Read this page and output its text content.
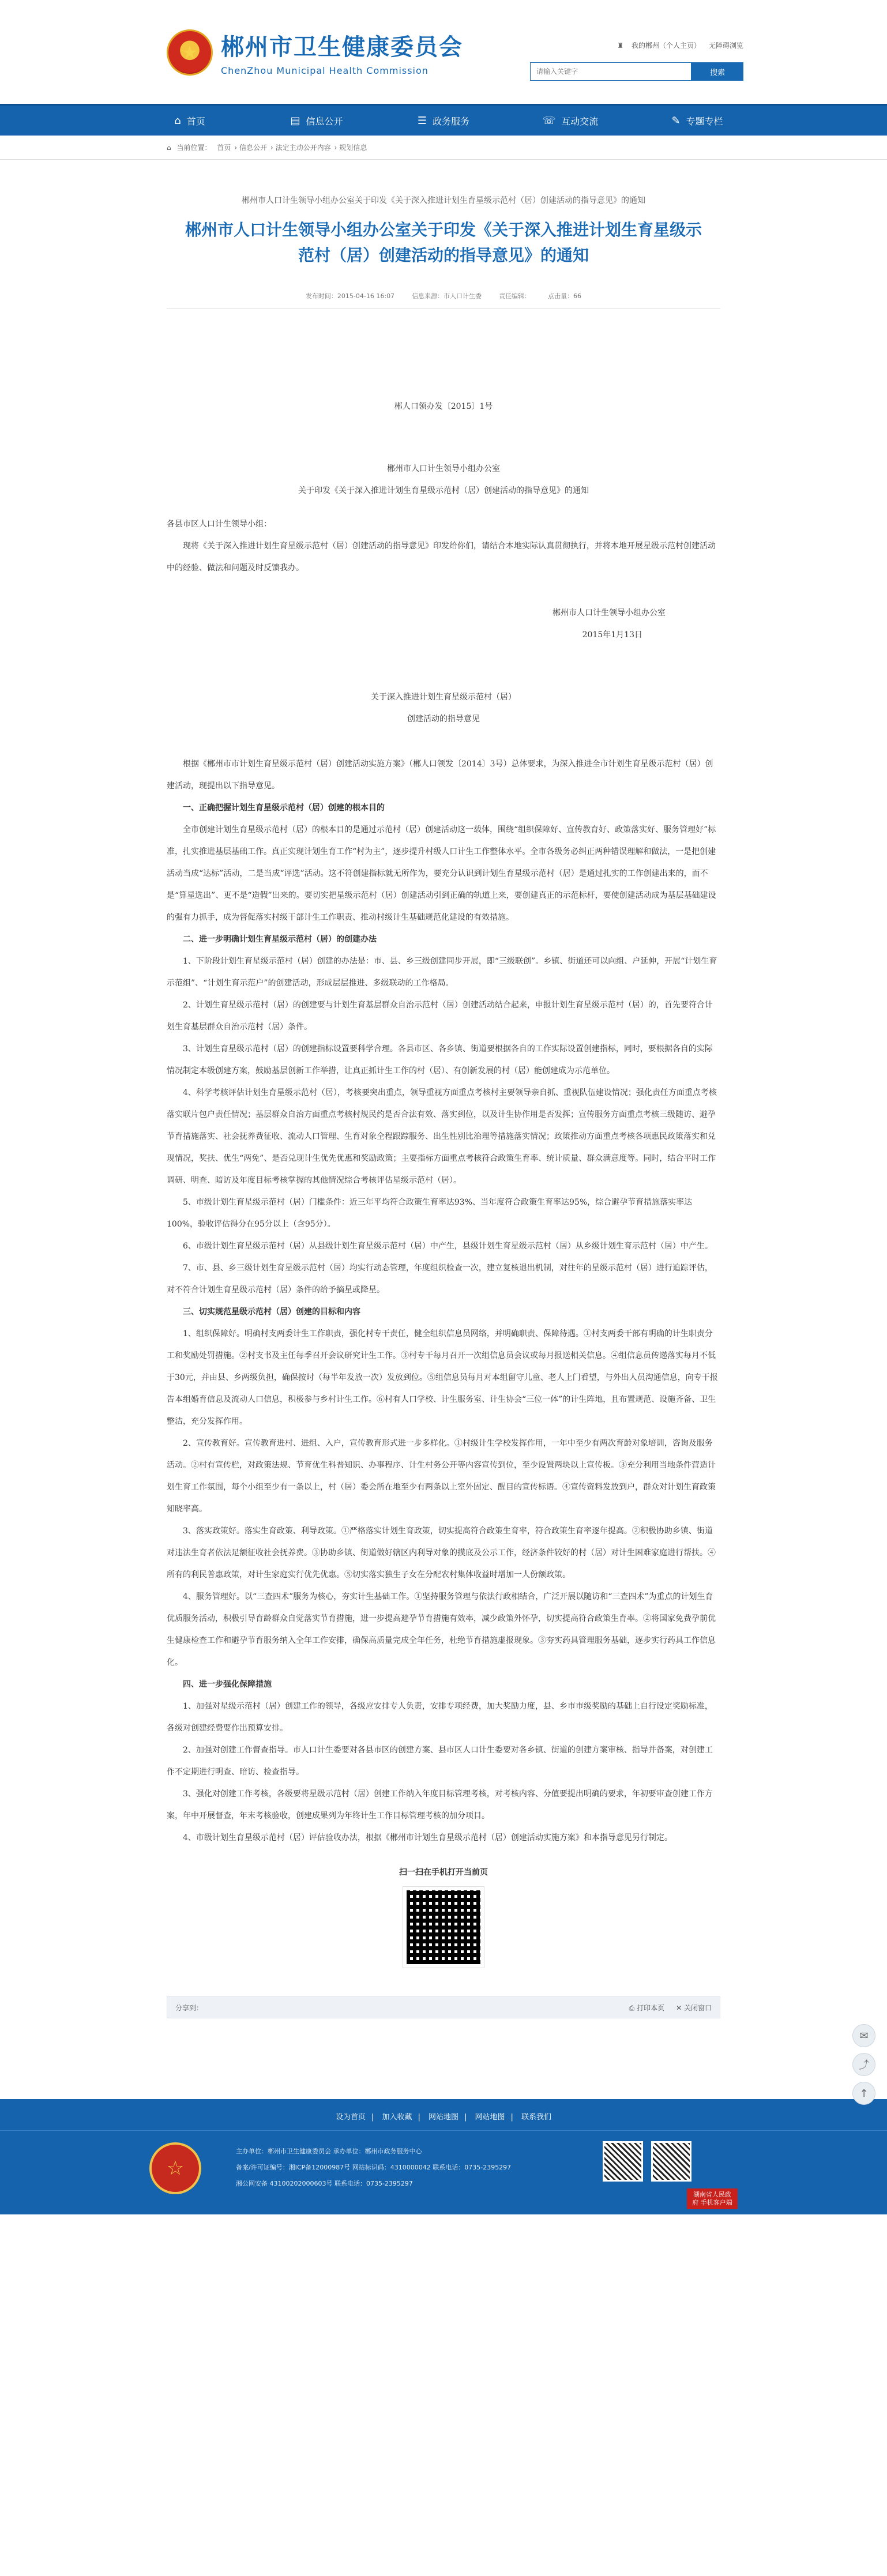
★	郴州市卫生健康委员会
ChenZhou Municipal Health Commission
♜ 我的郴州（个人主页） 无障碍浏览
请输入关键字
搜索
⌂ 首页	▤ 信息公开	☰ 政务服务	☏ 互动交流	✎ 专题专栏
⌂ 当前位置： 首页 › 信息公开 › 法定主动公开内容 › 规划信息
郴州市人口计生领导小组办公室关于印发《关于深入推进计划生育星级示范村（居）创建活动的指导意见》的通知
郴州市人口计生领导小组办公室关于印发《关于深入推进计划生育星级示范村（居）创建活动的指导意见》的通知
发布时间：2015-04-16 16:07	信息来源：市人口计生委	责任编辑：	点击量：66
郴人口领办发〔2015〕1号
郴州市人口计生领导小组办公室
关于印发《关于深入推进计划生育星级示范村（居）创建活动的指导意见》的通知
各县市区人口计生领导小组：
现将《关于深入推进计划生育星级示范村（居）创建活动的指导意见》印发给你们，请结合本地实际认真贯彻执行，并将本地开展星级示范村创建活动中的经验、做法和问题及时反馈我办。
郴州市人口计生领导小组办公室
2015年1月13日
关于深入推进计划生育星级示范村（居）
创建活动的指导意见
根据《郴州市市计划生育星级示范村（居）创建活动实施方案》（郴人口领发〔2014〕3号）总体要求，为深入推进全市计划生育星级示范村（居）创建活动，现提出以下指导意见。
一、正确把握计划生育星级示范村（居）创建的根本目的
全市创建计划生育星级示范村（居）的根本目的是通过示范村（居）创建活动这一载体，围绕“组织保障好、宣传教育好、政策落实好、服务管理好”标准，扎实推进基层基础工作。真正实现计划生育工作“村为主”，逐步提升村级人口计生工作整体水平。全市各级务必纠正两种错误理解和做法，一是把创建活动当成“达标”活动，二是当成“评选”活动。这不符创建指标就无所作为，要充分认识到计划生育星级示范村（居）是通过扎实的工作创建出来的，而不是“算星选出”、更不是“造假”出来的。要切实把星级示范村（居）创建活动引到正确的轨道上来，要创建真正的示范标杆，要使创建活动成为基层基础建设的强有力抓手，成为督促落实村级干部计生工作职责、推动村级计生基础规范化建设的有效措施。
二、进一步明确计划生育星级示范村（居）的创建办法
1、下阶段计划生育星级示范村（居）创建的办法是：市、县、乡三级创建同步开展，即“三级联创”。乡镇、街道还可以向组、户延伸，开展“计划生育示范组”、“计划生育示范户”的创建活动，形成层层推进、多级联动的工作格局。
2、计划生育星级示范村（居）的创建要与计划生育基层群众自治示范村（居）创建活动结合起来，申报计划生育星级示范村（居）的，首先要符合计划生育基层群众自治示范村（居）条件。
3、计划生育星级示范村（居）的创建指标设置要科学合理。各县市区、各乡镇、街道要根据各自的工作实际设置创建指标，同时，要根据各自的实际情况制定本级创建方案，鼓励基层创新工作举措，让真正抓计生工作的村（居）、有创新发展的村（居）能创建成为示范单位。
4、科学考核评估计划生育星级示范村（居），考核要突出重点，领导重视方面重点考核村主要领导亲自抓、重视队伍建设情况；强化责任方面重点考核落实联片包户责任情况；基层群众自治方面重点考核村规民约是否合法有效、落实到位，以及计生协作用是否发挥；宣传服务方面重点考核三级随访、避孕节育措施落实、社会抚养费征收、流动人口管理、生育对象全程跟踪服务、出生性别比治理等措施落实情况；政策推动方面重点考核各项惠民政策落实和兑现情况，奖扶、优生“两免”、是否兑现计生优先优惠和奖励政策；主要指标方面重点考核符合政策生育率、统计质量、群众满意度等。同时，结合平时工作调研、明查、暗访及年度目标考核掌握的其他情况综合考核评估星级示范村（居）。
5、市级计划生育星级示范村（居）门槛条件：近三年平均符合政策生育率达93%、当年度符合政策生育率达95%，综合避孕节育措施落实率达100%，验收评估得分在95分以上（含95分）。
6、市级计划生育星级示范村（居）从县级计划生育星级示范村（居）中产生，县级计划生育星级示范村（居）从乡级计划生育示范村（居）中产生。
7、市、县、乡三级计划生育星级示范村（居）均实行动态管理，年度组织检查一次，建立复核退出机制，对往年的星级示范村（居）进行追踪评估，对不符合计划生育星级示范村（居）条件的给予摘星或降星。
三、切实规范星级示范村（居）创建的目标和内容
1、组织保障好。明确村支两委计生工作职责，强化村专干责任，健全组织信息员网络，并明确职责、保障待遇。①村支两委干部有明确的计生职责分工和奖励处罚措施。②村支书及主任每季召开会议研究计生工作。③村专干每月召开一次组信息员会议或每月报送相关信息。④组信息员传递落实每月不低于30元，并由县、乡两级负担，确保按时（每半年发放一次）发放到位。⑤组信息员每月对本组留守儿童、老人上门看望，与外出人员沟通信息，向专干报告本组婚育信息及流动人口信息，积极参与乡村计生工作。⑥村有人口学校、计生服务室、计生协会“三位一体”的计生阵地，且布置规范、设施齐备、卫生整洁，充分发挥作用。
2、宣传教育好。宣传教育进村、进组、入户，宣传教育形式进一步多样化。①村级计生学校发挥作用，一年中至少有两次育龄对象培训，咨询及服务活动。②村有宣传栏，对政策法规、节育优生科普知识、办事程序、计生村务公开等内容宣传到位，至少设置两块以上宣传板。③充分利用当地条件营造计划生育工作氛围，每个小组至少有一条以上，村（居）委会所在地至少有两条以上室外固定、醒目的宣传标语。④宣传资料发放到户，群众对计划生育政策知晓率高。
3、落实政策好。落实生育政策、利导政策。①严格落实计划生育政策，切实提高符合政策生育率，符合政策生育率逐年提高。②积极协助乡镇、街道对违法生育者依法足额征收社会抚养费。③协助乡镇、街道做好辖区内利导对象的摸底及公示工作，经济条件较好的村（居）对计生困难家庭进行帮扶。④所有的利民普惠政策，对计生家庭实行优先优惠。⑤切实落实独生子女在分配农村集体收益时增加一人份额政策。
4、服务管理好。以“三查四术”服务为核心，夯实计生基础工作。①坚持服务管理与依法行政相结合，广泛开展以随访和“三查四术”为重点的计划生育优质服务活动，积极引导育龄群众自觉落实节育措施，进一步提高避孕节育措施有效率，减少政策外怀孕，切实提高符合政策生育率。②将国家免费孕前优生健康检查工作和避孕节育服务纳入全年工作安排，确保高质量完成全年任务，杜绝节育措施虚报现象。③夯实药具管理服务基础，逐步实行药具工作信息化。
四、进一步强化保障措施
1、加强对星级示范村（居）创建工作的领导，各级应安排专人负责，安排专项经费，加大奖励力度，县、乡市市级奖励的基础上自行设定奖励标准，各级对创建经费要作出预算安排。
2、加强对创建工作督查指导。市人口计生委要对各县市区的创建方案、县市区人口计生委要对各乡镇、街道的创建方案审核、指导并备案，对创建工作不定期进行明查、暗访、检查指导。
3、强化对创建工作考核，各级要将星级示范村（居）创建工作纳入年度目标管理考核，对考核内容、分值要提出明确的要求，年初要审查创建工作方案，年中开展督查，年末考核验收，创建成果列为年终计生工作目标管理考核的加分项目。
4、市级计划生育星级示范村（居）评估验收办法，根据《郴州市计划生育星级示范村（居）创建活动实施方案》和本指导意见另行制定。
扫一扫在手机打开当前页
分享到：	⎙ 打印本页 ✕ 关闭窗口
✉
⤴
↑
设为首页 | 加入收藏 | 网站地图 | 网站地图 | 联系我们
☆
主办单位：郴州市卫生健康委员会 承办单位：郴州市政务服务中心
备案/许可证编号：湘ICP备12000987号 网站标识码：4310000042 联系电话：0735-2395297
湘公网安备 43100202000603号 联系电话：0735-2395297
湖南省人民政府 手机客户端
